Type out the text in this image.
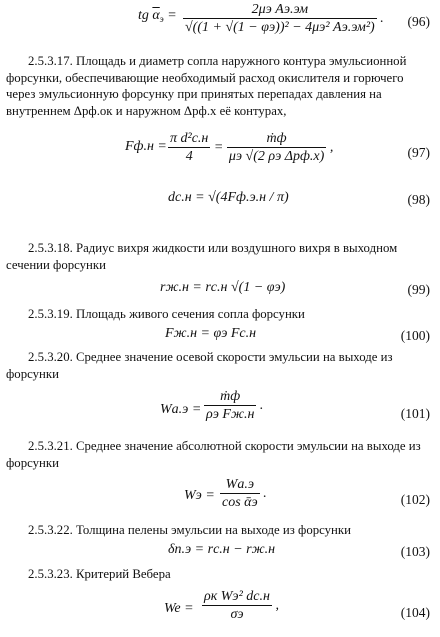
tg $\overline{\alpha}_э = \frac{\text{2μэ Aэ.эм}}{\text{√((1 + √(1 − φэ))² − 4μэ² Aэ.эм²)}}$ . (96)
2.5.3.17. Площадь и диаметр сопла наружного контура эмульсионной форсунки, обеспечивающие необходимый расход окислителя и горючего через эмульсионную форсунку при принятых перепадах давления на внутреннем Δpф.ок и наружном Δpф.х её контурах,
$Fф.н = \frac{\text{π d²с.н}}{4} = \frac{\text{ṁф}}{\text{μэ √(2 ρэ Δpф.х)}}$ ,	(97)
dс.н = √(4Fф.э.н / π)	(98)
2.5.3.18. Радиус вихря жидкости или воздушного вихря в выходном сечении форсунки
rж.н = rс.н √(1 − φэ)	(99)
2.5.3.19. Площадь живого сечения сопла форсунки
Fж.н = φэ Fс.н	(100)
2.5.3.20. Среднее значение осевой скорости эмульсии на выходе из форсунки
$Wа.э = \frac{\text{ṁф}}{\text{ρэ Fж.н}}$ .
(101)
2.5.3.21. Среднее значение абсолютной скорости эмульсии на выходе из форсунки
Wэ = $\frac{Wа.э}{\text{cos ᾱэ}}$ .	(102)
2.5.3.22. Толщина пелены эмульсии на выходе из форсунки
δп.э = rс.н − rж.н	(103)
2.5.3.23. Критерий Вебера
$We = \frac{\text{ρк Wэ² dс.н}}{\sigma э}$ ,	(104)
